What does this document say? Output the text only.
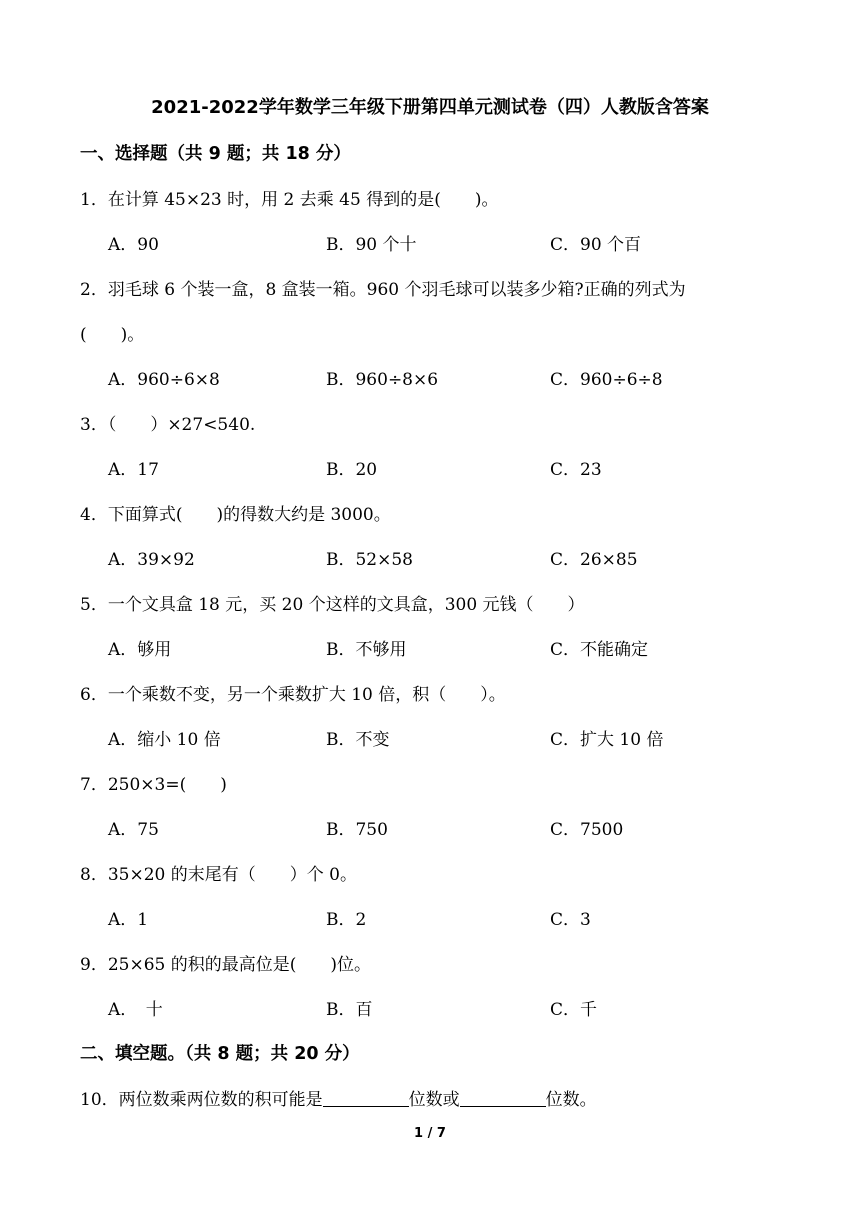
2021-2022学年数学三年级下册第四单元测试卷（四）人教版含答案
一、选择题（共 9 题；共 18 分）
1．在计算 45×23 时，用 2 去乘 45 得到的是(　　)。
A．90	B．90 个十	C．90 个百
2．羽毛球 6 个装一盒，8 盒装一箱。960 个羽毛球可以装多少箱?正确的列式为
(　　)。
A．960÷6×8	B．960÷8×6	C．960÷6÷8
3．（　　）×27<540.
A．17	B．20	C．23
4．下面算式(　　)的得数大约是 3000。
A．39×92	B．52×58	C．26×85
5．一个文具盒 18 元，买 20 个这样的文具盒，300 元钱（　　）
A．够用	B．不够用	C．不能确定
6．一个乘数不变，另一个乘数扩大 10 倍，积（　　）。
A．缩小 10 倍	B．不变	C．扩大 10 倍
7．250×3=(　　)
A．75	B．750	C．7500
8．35×20 的末尾有（　　）个 0。
A．1	B．2	C．3
9．25×65 的积的最高位是(　　)位。
A．　十	B．百	C．千
二、填空题。（共 8 题；共 20 分）
10．两位数乘两位数的积可能是	位数或	位数。
1 / 7
